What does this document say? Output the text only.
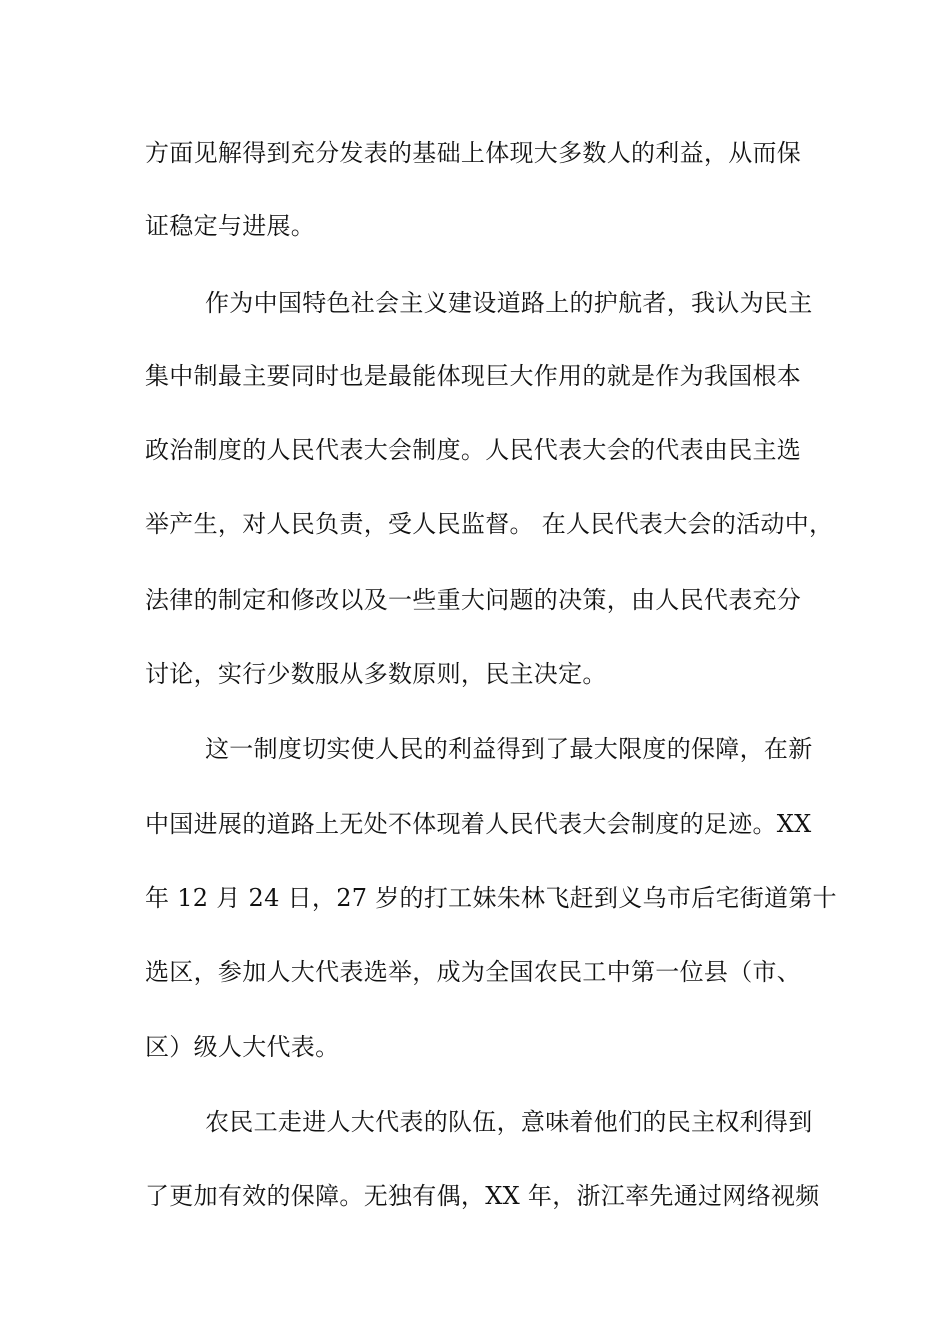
方面见解得到充分发表的基础上体现大多数人的利益，从而保
证稳定与进展。
作为中国特色社会主义建设道路上的护航者，我认为民主
集中制最主要同时也是最能体现巨大作用的就是作为我国根本
政治制度的人民代表大会制度。人民代表大会的代表由民主选
举产生，对人民负责，受人民监督。 在人民代表大会的活动中，
法律的制定和修改以及一些重大问题的决策，由人民代表充分
讨论，实行少数服从多数原则，民主决定。
这一制度切实使人民的利益得到了最大限度的保障，在新
中国进展的道路上无处不体现着人民代表大会制度的足迹。XX
年 12 月 24 日，27 岁的打工妹朱林飞赶到义乌市后宅街道第十
选区，参加人大代表选举，成为全国农民工中第一位县（市、
区）级人大代表。
农民工走进人大代表的队伍，意味着他们的民主权利得到
了更加有效的保障。无独有偶，XX 年，浙江率先通过网络视频
